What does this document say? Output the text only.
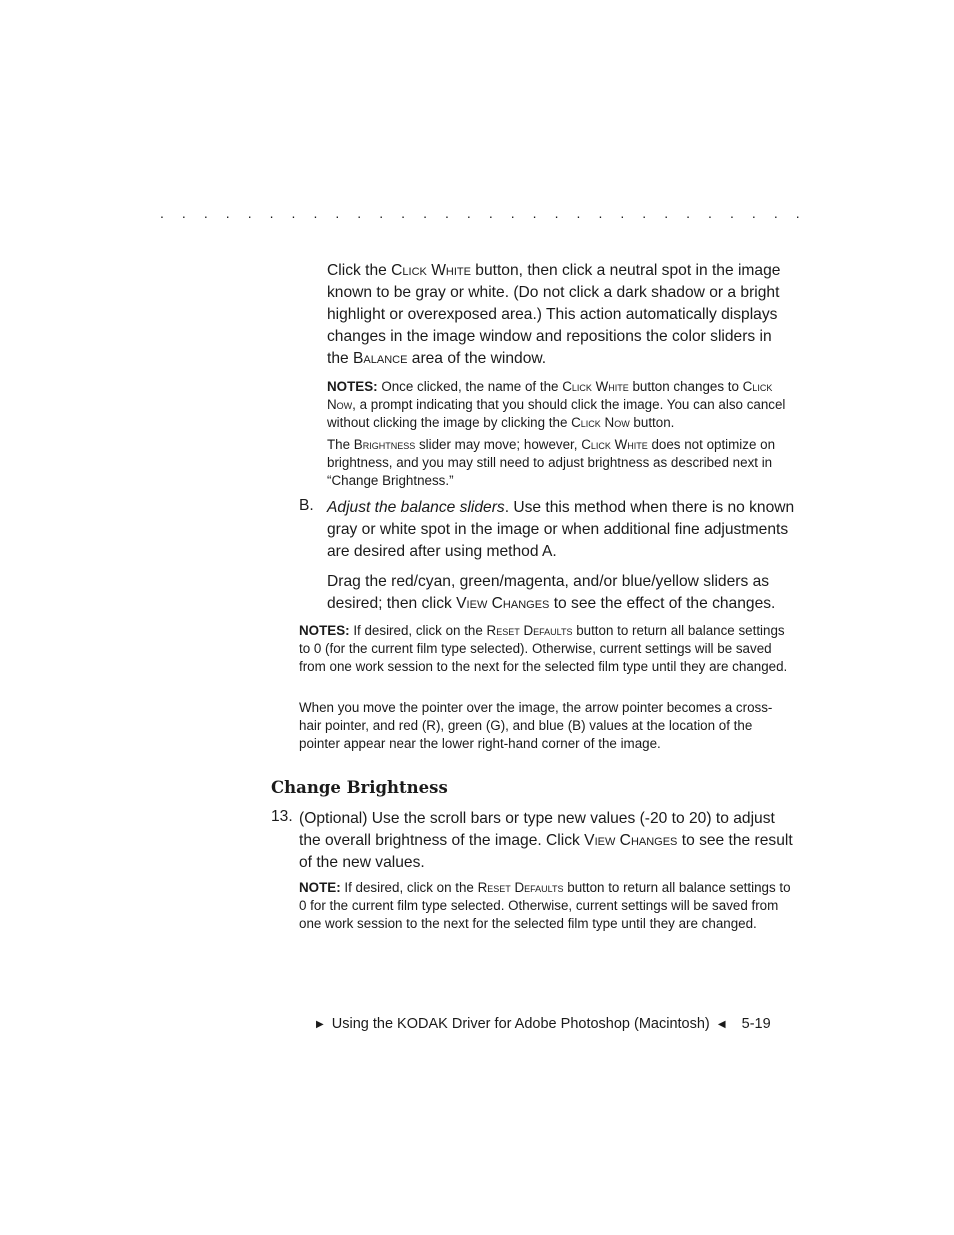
. . . . . . . . . . . . . . . . . . . . . . . . . . . . . .
Click the Click White button, then click a neutral spot in the image known to be gray or white. (Do not click a dark shadow or a bright highlight or overexposed area.) This action automatically displays changes in the image window and repositions the color sliders in the Balance area of the window.
NOTES: Once clicked, the name of the Click White button changes to Click Now, a prompt indicating that you should click the image. You can also cancel without clicking the image by clicking the Click Now button.
The Brightness slider may move; however, Click White does not optimize on brightness, and you may still need to adjust brightness as described next in “Change Brightness.”
B. Adjust the balance sliders. Use this method when there is no known gray or white spot in the image or when additional fine adjustments are desired after using method A.
Drag the red/cyan, green/magenta, and/or blue/yellow sliders as desired; then click View Changes to see the effect of the changes.
NOTES: If desired, click on the Reset Defaults button to return all balance settings to 0 (for the current film type selected). Otherwise, current settings will be saved from one work session to the next for the selected film type until they are changed.
When you move the pointer over the image, the arrow pointer becomes a cross-hair pointer, and red (R), green (G), and blue (B) values at the location of the pointer appear near the lower right-hand corner of the image.
Change Brightness
13. (Optional) Use the scroll bars or type new values (-20 to 20) to adjust the overall brightness of the image. Click View Changes to see the result of the new values.
NOTE: If desired, click on the Reset Defaults button to return all balance settings to 0 for the current film type selected. Otherwise, current settings will be saved from one work session to the next for the selected film type until they are changed.
▶ Using the KODAK Driver for Adobe Photoshop (Macintosh) ◀ 5-19
